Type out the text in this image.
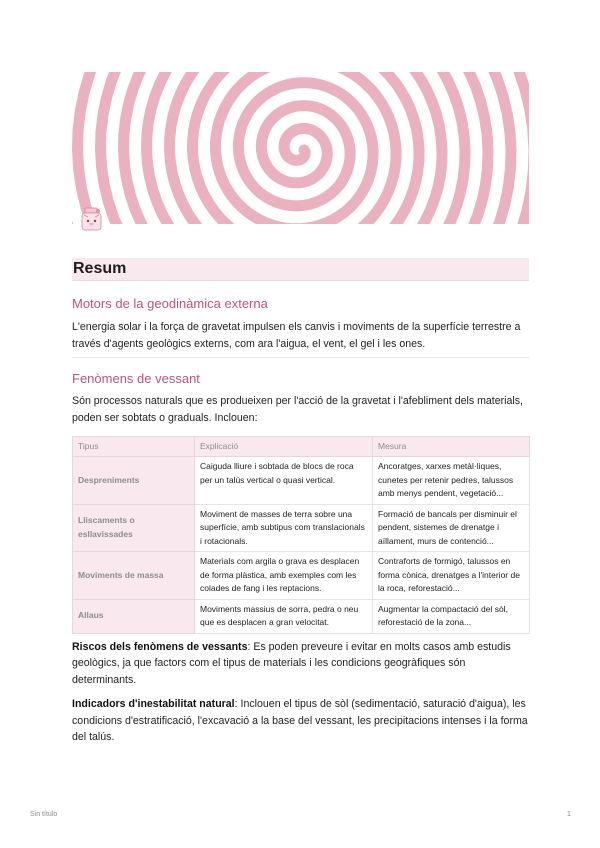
Resum
Motors de la geodinàmica externa

L'energia solar i la força de gravetat impulsen els canvis i moviments de la superfície terrestre a través d'agents geològics externs, com ara l'aigua, el vent, el gel i les ones.

Fenòmens de vessant

Són processos naturals que es produeixen per l'acció de la gravetat i l'afebliment dels materials, poden ser sobtats o graduals. Inclouen:

Tipus	Explicació	Mesura
Despreniments	Caiguda lliure i sobtada de blocs de roca per un talús vertical o quasi vertical.	Ancoratges, xarxes metàl·liques, cunetes per retenir pedres, talussos amb menys pendent, vegetació...
Lliscaments o esllavissades	Moviment de masses de terra sobre una superfície, amb subtipus com translacionals i rotacionals.	Formació de bancals per disminuir el pendent, sistemes de drenatge i aïllament, murs de contenció...
Moviments de massa	Materials com argila o grava es desplacen de forma plàstica, amb exemples com les colades de fang i les reptacions.	Contraforts de formigó, talussos en forma cònica, drenatges a l'interior de la roca, reforestació...
Allaus	Moviments massius de sorra, pedra o neu que es desplacen a gran velocitat.	Augmentar la compactació del sòl, reforestació de la zona...

Riscos dels fenòmens de vessants: Es poden preveure i evitar en molts casos amb estudis geològics, ja que factors com el tipus de materials i les condicions geogràfiques són determinants.

Indicadors d'inestabilitat natural: Inclouen el tipus de sòl (sedimentació, saturació d'aigua), les condicions d'estratificació, l'excavació a la base del vessant, les precipitacions intenses i la forma del talús.

Sin título	1
